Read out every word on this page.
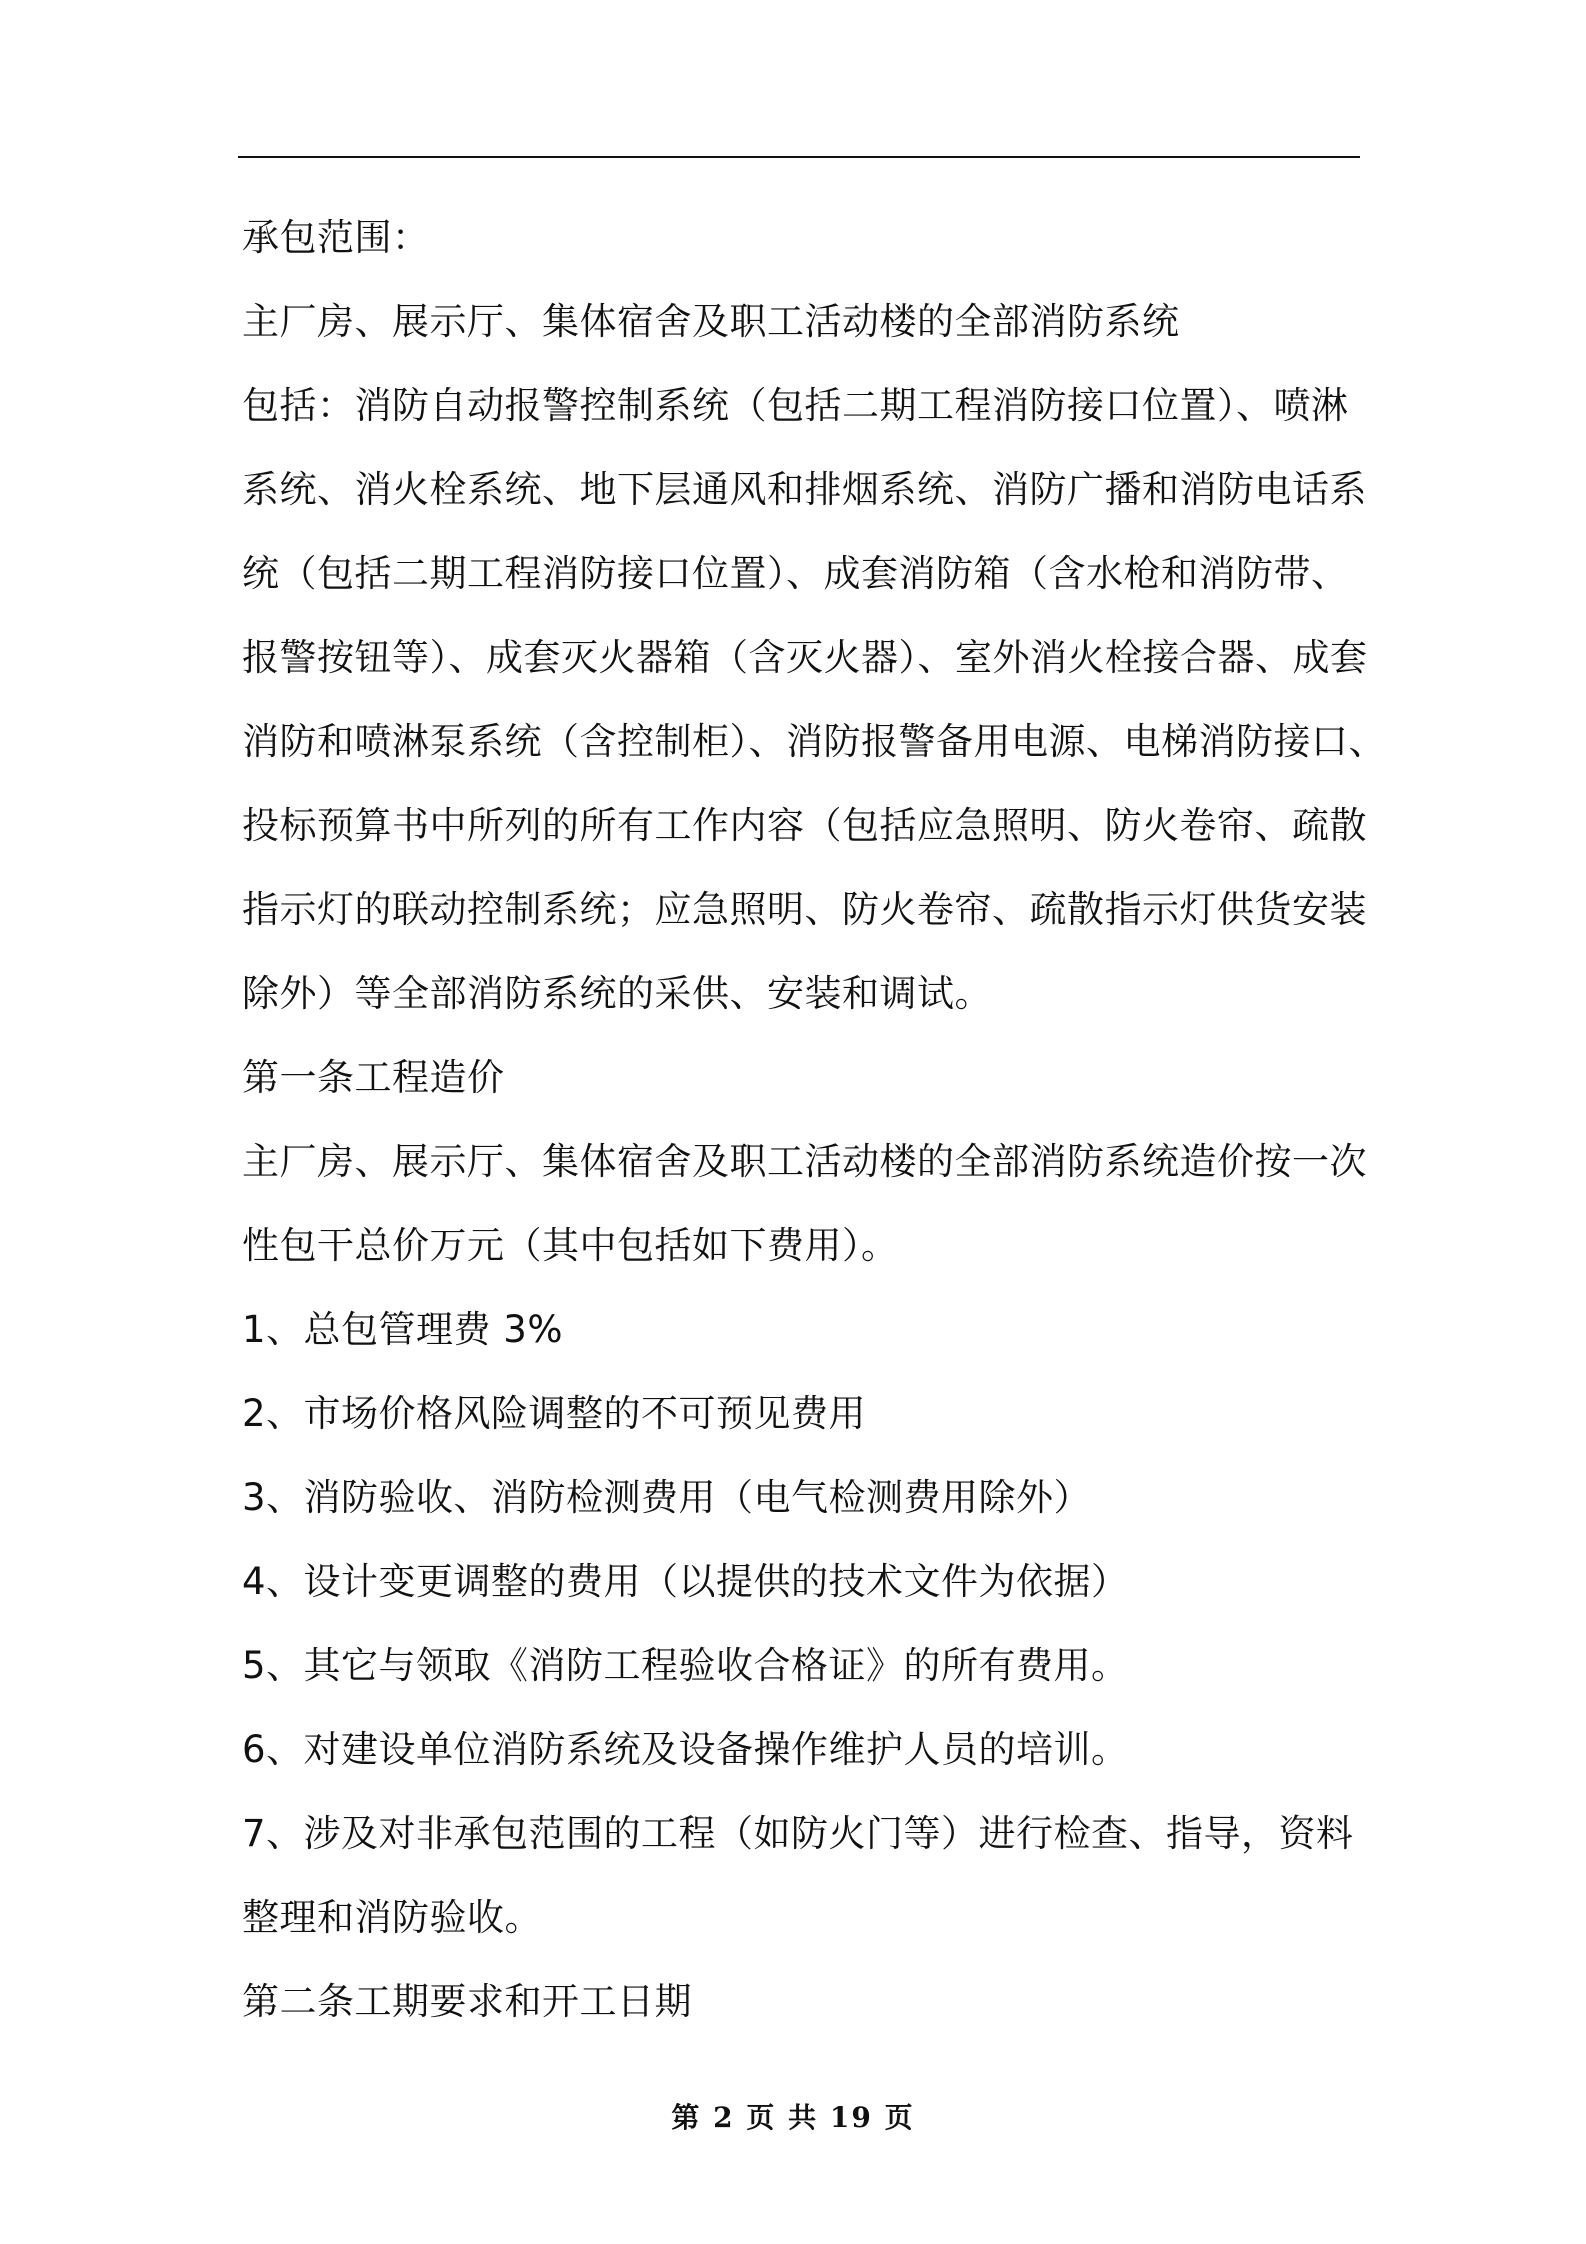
承包范围：
主厂房、展示厅、集体宿舍及职工活动楼的全部消防系统
包括：消防自动报警控制系统（包括二期工程消防接口位置）、喷淋
系统、消火栓系统、地下层通风和排烟系统、消防广播和消防电话系
统（包括二期工程消防接口位置）、成套消防箱（含水枪和消防带、
报警按钮等）、成套灭火器箱（含灭火器）、室外消火栓接合器、成套
消防和喷淋泵系统（含控制柜）、消防报警备用电源、电梯消防接口、
投标预算书中所列的所有工作内容（包括应急照明、防火卷帘、疏散
指示灯的联动控制系统；应急照明、防火卷帘、疏散指示灯供货安装
除外）等全部消防系统的采供、安装和调试。
第一条工程造价
主厂房、展示厅、集体宿舍及职工活动楼的全部消防系统造价按一次
性包干总价万元（其中包括如下费用）。
1、总包管理费 3%
2、市场价格风险调整的不可预见费用
3、消防验收、消防检测费用（电气检测费用除外）
4、设计变更调整的费用（以提供的技术文件为依据）
5、其它与领取《消防工程验收合格证》的所有费用。
6、对建设单位消防系统及设备操作维护人员的培训。
7、涉及对非承包范围的工程（如防火门等）进行检查、指导，资料
整理和消防验收。
第二条工期要求和开工日期
第 2 页 共 19 页
